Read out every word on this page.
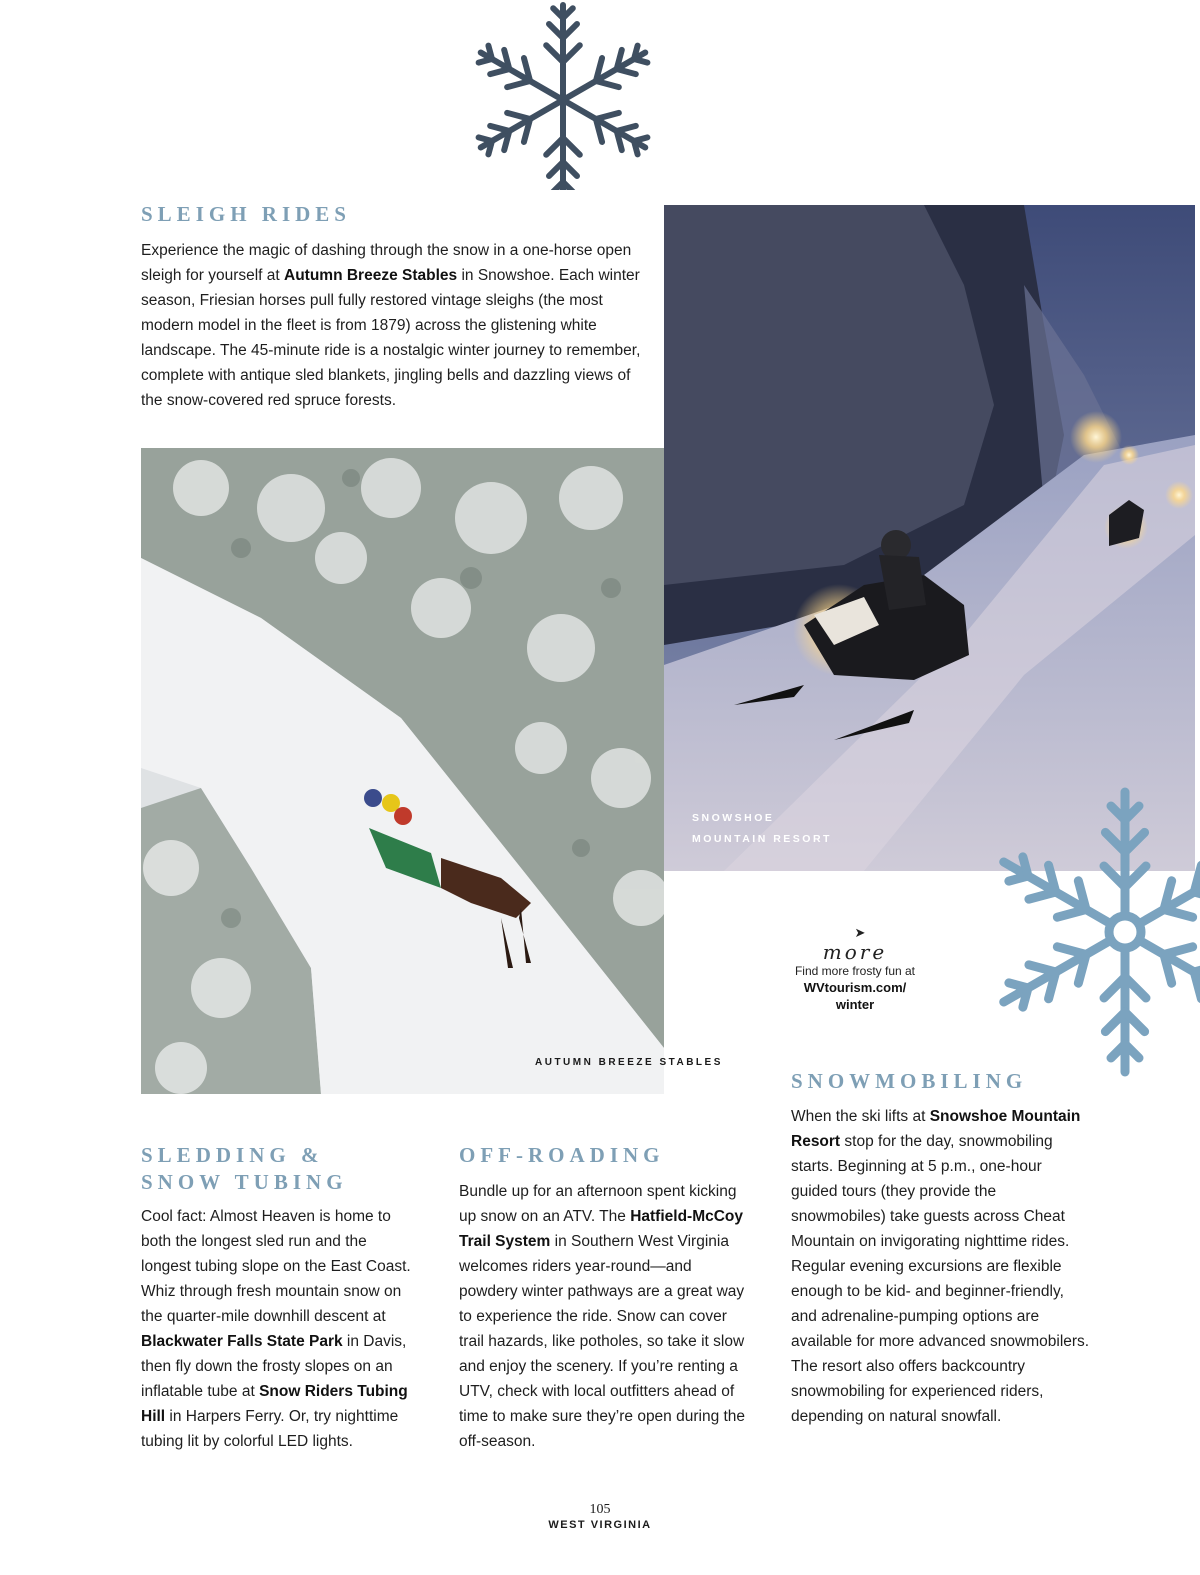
SLEIGH RIDES

Experience the magic of dashing through the snow in a one-horse open sleigh for yourself at Autumn Breeze Stables in Snowshoe. Each winter season, Friesian horses pull fully restored vintage sleighs (the most modern model in the fleet is from 1879) across the glistening white landscape. The 45-minute ride is a nostalgic winter journey to remember, complete with antique sled blankets, jingling bells and dazzling views of the snow-covered red spruce forests.

SNOWSHOE
MOUNTAIN RESORT
AUTUMN BREEZE STABLES
➤
more
Find more frosty fun at
WVtourism.com/
winter
SLEDDING &
SNOW TUBING

Cool fact: Almost Heaven is home to both the longest sled run and the longest tubing slope on the East Coast. Whiz through fresh mountain snow on the quarter-mile downhill descent at Blackwater Falls State Park in Davis, then fly down the frosty slopes on an inflatable tube at Snow Riders Tubing Hill in Harpers Ferry. Or, try nighttime tubing lit by colorful LED lights.

OFF-ROADING

Bundle up for an afternoon spent kicking up snow on an ATV. The Hatfield-McCoy Trail System in Southern West Virginia welcomes riders year-round—and powdery winter pathways are a great way to experience the ride. Snow can cover trail hazards, like potholes, so take it slow and enjoy the scenery. If you’re renting a UTV, check with local outfitters ahead of time to make sure they’re open during the off-season.

SNOWMOBILING

When the ski lifts at Snowshoe Mountain Resort stop for the day, snowmobiling starts. Beginning at 5 p.m., one-hour guided tours (they provide the snowmobiles) take guests across Cheat Mountain on invigorating nighttime rides. Regular evening excursions are flexible enough to be kid- and beginner-friendly, and adrenaline-pumping options are available for more advanced snowmobilers. The resort also offers backcountry snowmobiling for experienced riders, depending on natural snowfall.

105
WEST VIRGINIA
